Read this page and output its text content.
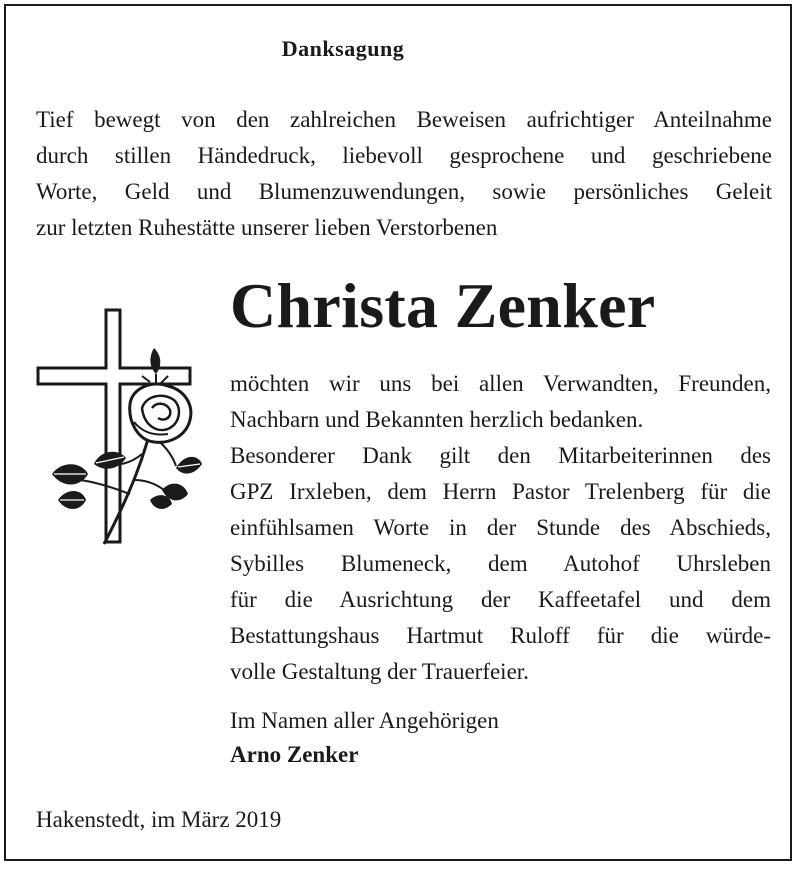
Danksagung
Tief bewegt von den zahlreichen Beweisen aufrichtiger Anteilnahme
durch stillen Händedruck, liebevoll gesprochene und geschriebene
Worte, Geld und Blumenzuwendungen, sowie persönliches Geleit
zur letzten Ruhestätte unserer lieben Verstorbenen
Christa Zenker
möchten wir uns bei allen Verwandten, Freunden,
Nachbarn und Bekannten herzlich bedanken.
Besonderer Dank gilt den Mitarbeiterinnen des
GPZ Irxleben, dem Herrn Pastor Trelenberg für die
einfühlsamen Worte in der Stunde des Abschieds,
Sybilles Blumeneck, dem Autohof Uhrsleben
für die Ausrichtung der Kaffeetafel und dem
Bestattungshaus Hartmut Ruloff für die würde-
volle Gestaltung der Trauerfeier.
Im Namen aller Angehörigen
Arno Zenker
Hakenstedt, im März 2019
